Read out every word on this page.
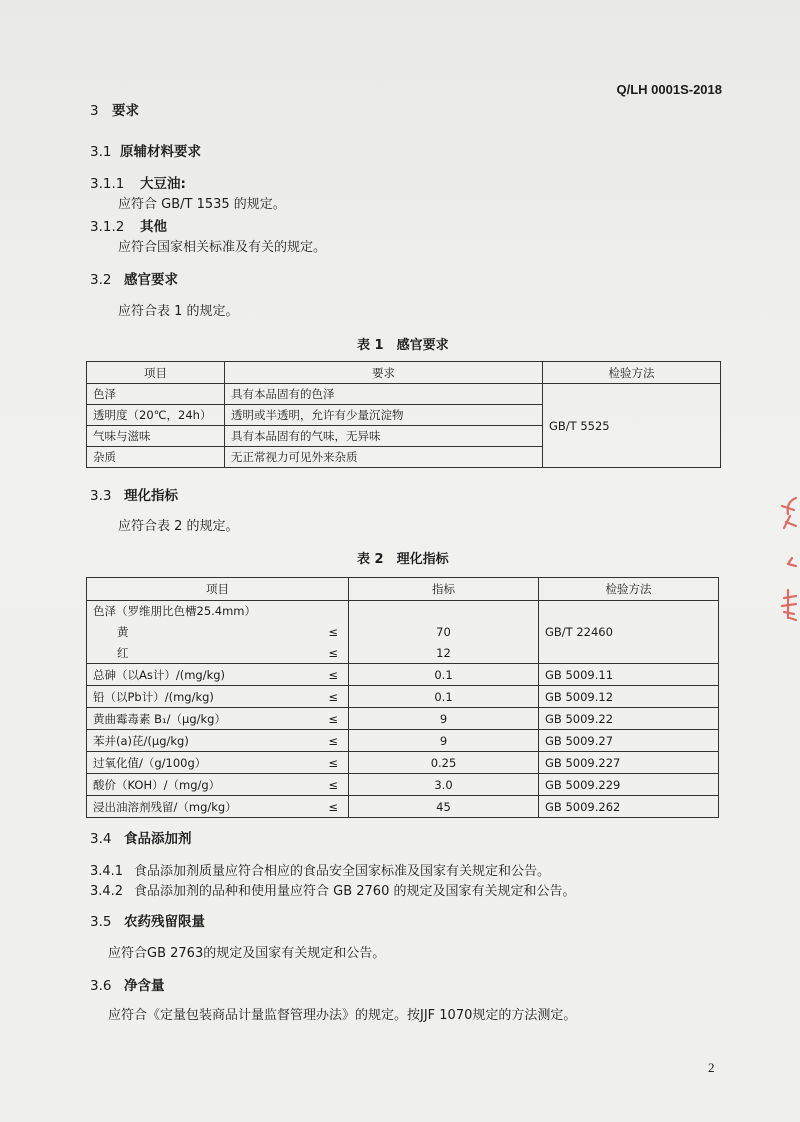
Q/LH 0001S-2018
3 要求
3.1 原辅材料要求
3.1.1 大豆油:
应符合 GB/T 1535 的规定。
3.1.2 其他
应符合国家相关标准及有关的规定。
3.2 感官要求
应符合表 1 的规定。
表 1　感官要求
项目	要求	检验方法
色泽	具有本品固有的色泽	GB/T 5525
透明度（20℃，24h）	透明或半透明，允许有少量沉淀物	
气味与滋味	具有本品固有的气味，无异味	
杂质	无正常视力可见外来杂质	
3.3 理化指标
应符合表 2 的规定。
表 2　理化指标
项目		指标	检验方法
色泽（罗维朋比色槽25.4mm）			GB/T 22460
黄	≤	70	
红	≤	12	
总砷（以As计）/(mg/kg)	≤	0.1	GB 5009.11
铅（以Pb计）/(mg/kg)	≤	0.1	GB 5009.12
黄曲霉毒素 B₁/（μg/kg）	≤	9	GB 5009.22
苯并(a)芘/(μg/kg)	≤	9	GB 5009.27
过氧化值/（g/100g）	≤	0.25	GB 5009.227
酸价（KOH）/（mg/g）	≤	3.0	GB 5009.229
浸出油溶剂残留/（mg/kg）	≤	45	GB 5009.262
3.4 食品添加剂
3.4.1 食品添加剂质量应符合相应的食品安全国家标准及国家有关规定和公告。
3.4.2 食品添加剂的品种和使用量应符合 GB 2760 的规定及国家有关规定和公告。
3.5 农药残留限量
应符合GB 2763的规定及国家有关规定和公告。
3.6 净含量
应符合《定量包装商品计量监督管理办法》的规定。按JJF 1070规定的方法测定。
2
